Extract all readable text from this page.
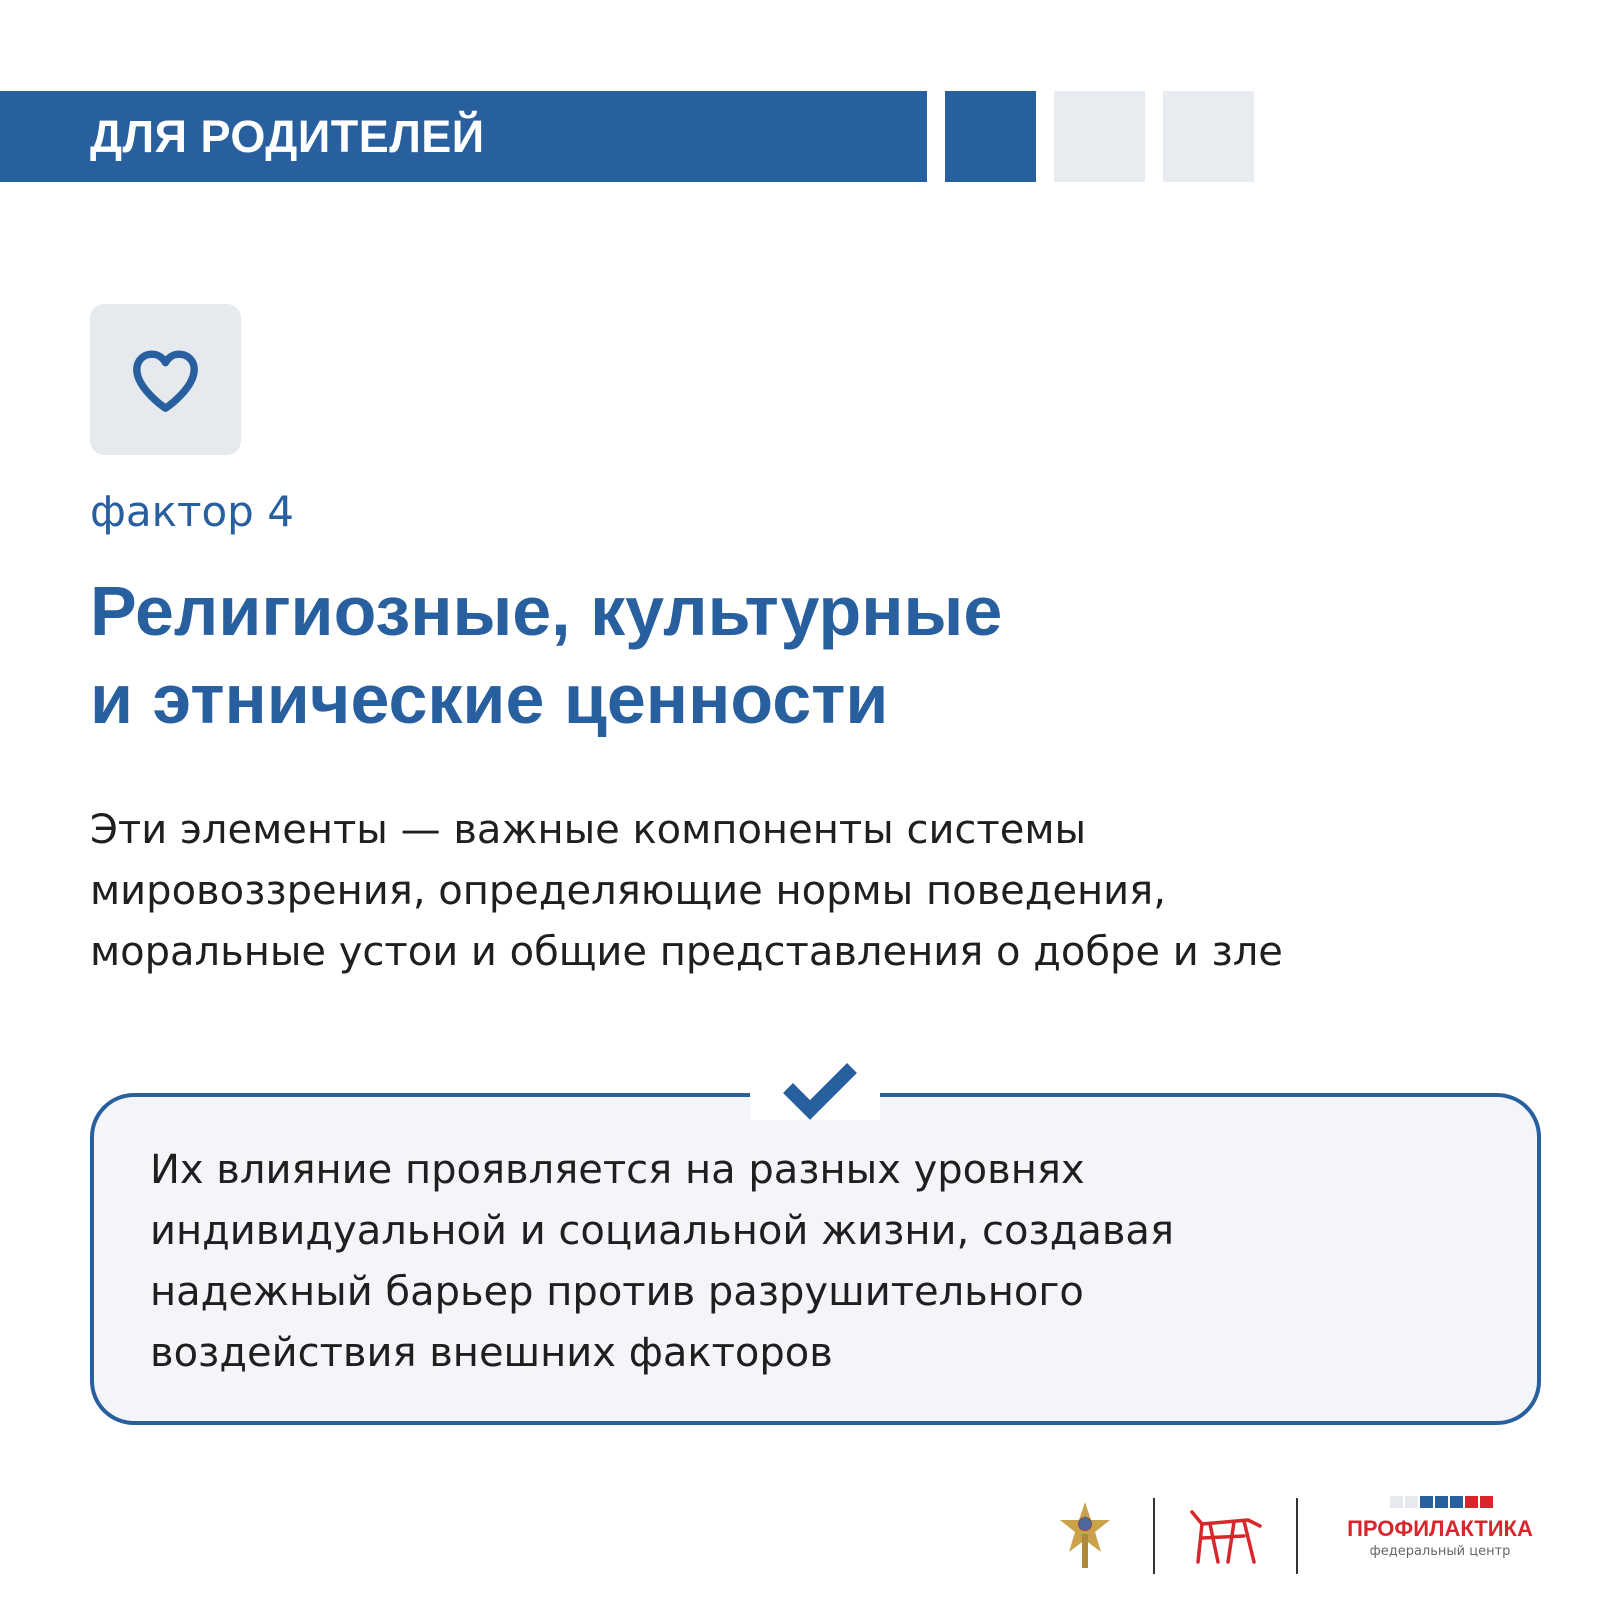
ДЛЯ РОДИТЕЛЕЙ
фактор 4
Религиозные, культурные
и этнические ценности

Эти элементы — важные компоненты системы
мировоззрения, определяющие нормы поведения,
моральные устои и общие представления о добре и зле

Их влияние проявляется на разных уровнях
индивидуальной и социальной жизни, создавая
надежный барьер против разрушительного
воздействия внешних факторов

ПРОФИЛАКТИКА
федеральный центр
